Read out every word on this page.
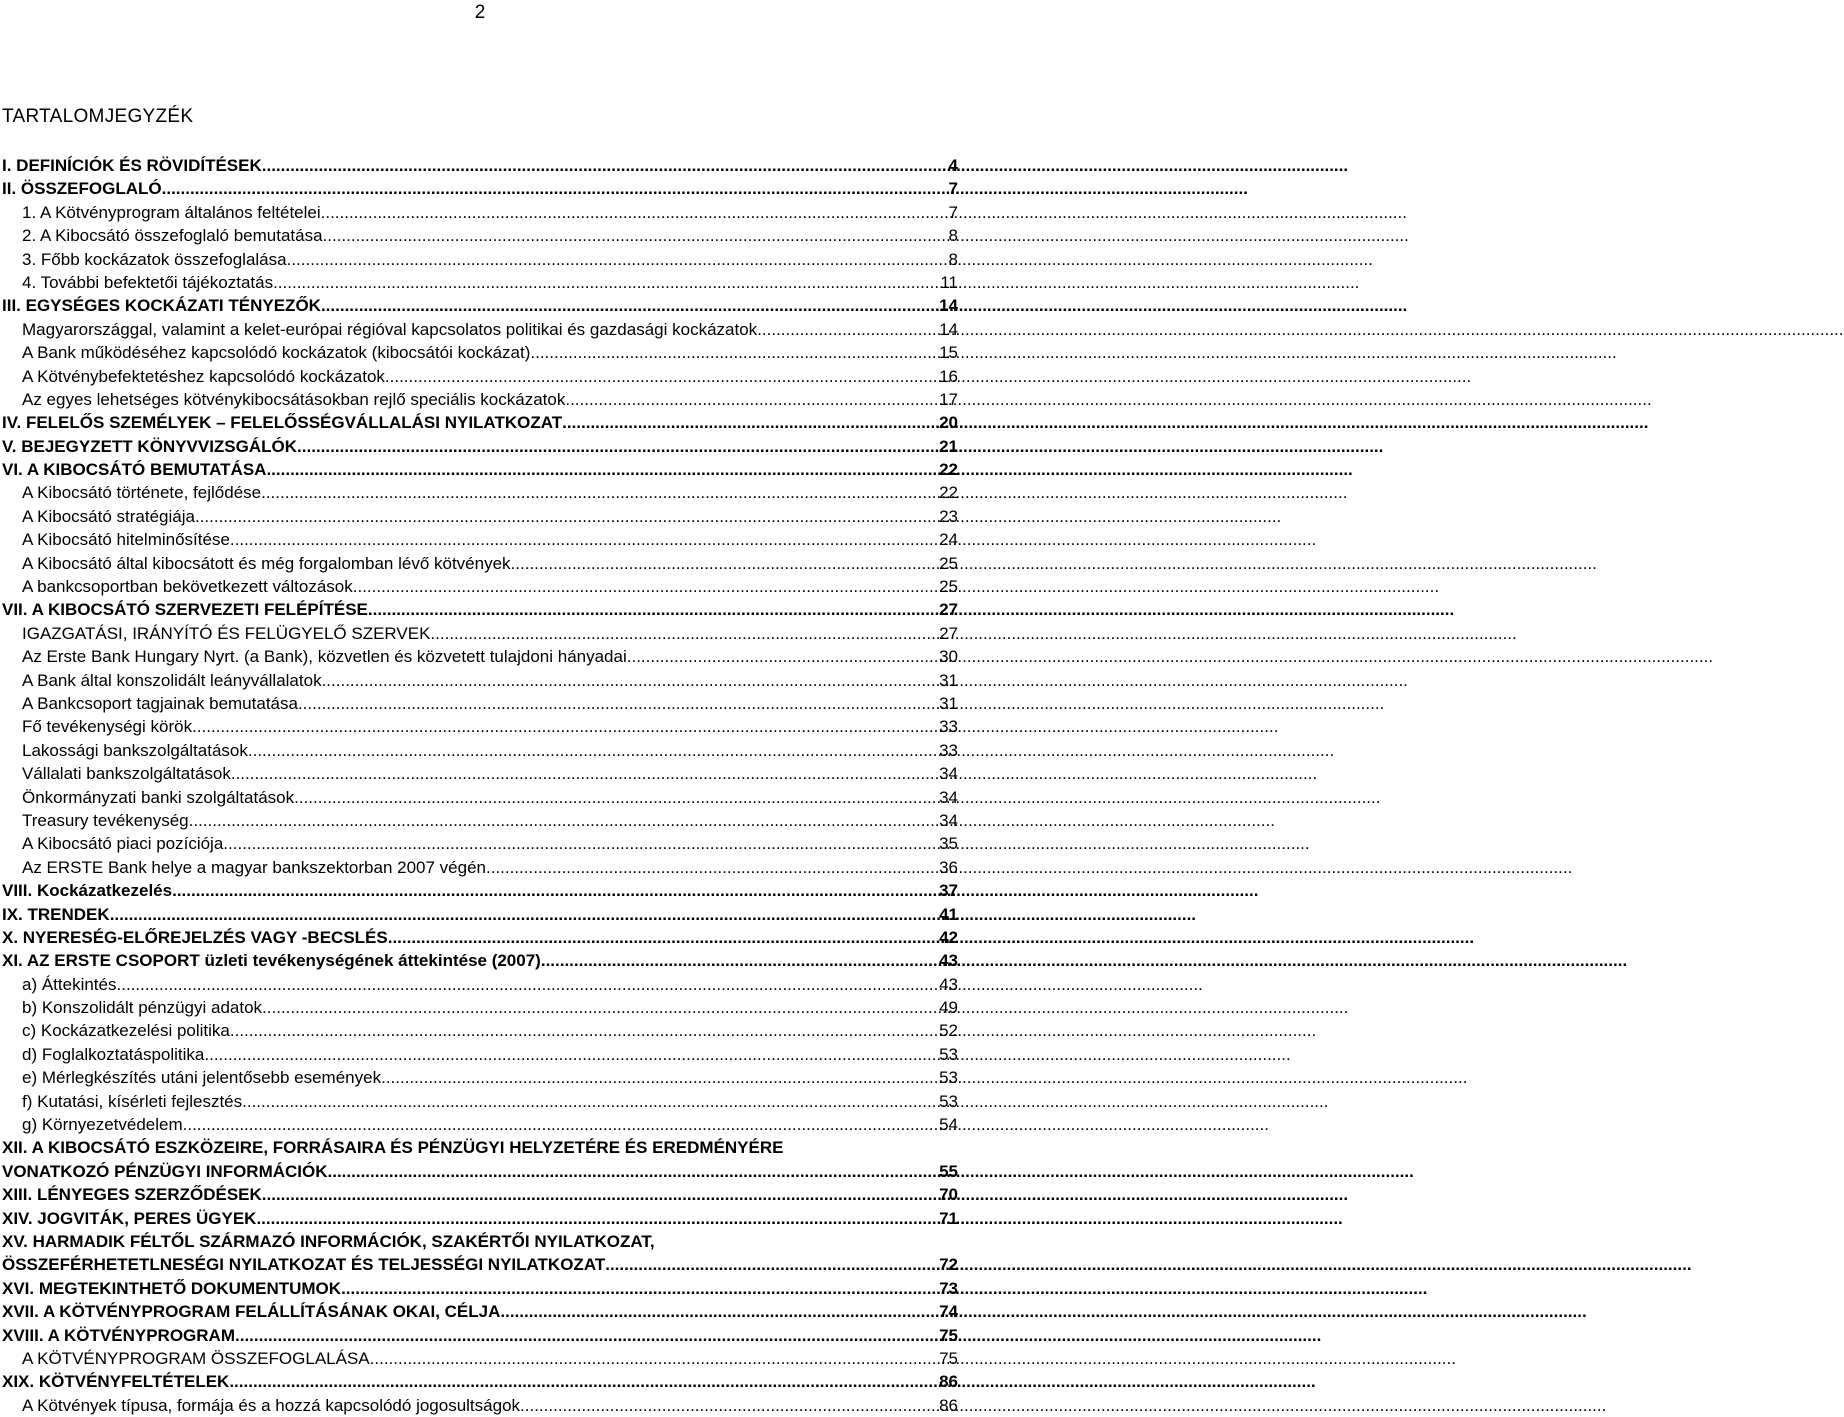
2
TARTALOMJEGYZÉK
I. DEFINÍCIÓK ÉS RÖVIDÍTÉSEK .....	4
II. ÖSSZEFOGLALÓ .....	7
1. A Kötvényprogram általános feltételei .....	7
2. A Kibocsátó összefoglaló bemutatása .....	8
3. Főbb kockázatok összefoglalása .....	8
4. További befektetői tájékoztatás .....	11
III. EGYSÉGES KOCKÁZATI TÉNYEZŐK .....	14
Magyarországgal, valamint a kelet-európai régióval kapcsolatos politikai és gazdasági kockázatok .....	14
A Bank működéséhez kapcsolódó kockázatok (kibocsátói kockázat) .....	15
A Kötvénybefektetéshez kapcsolódó kockázatok .....	16
Az egyes lehetséges kötvénykibocsátásokban rejlő speciális kockázatok .....	17
IV. FELELŐS SZEMÉLYEK – FELELŐSSÉGVÁLLALÁSI NYILATKOZAT .....	20
V. BEJEGYZETT KÖNYVVIZSGÁLÓK .....	21
VI. A KIBOCSÁTÓ BEMUTATÁSA .....	22
A Kibocsátó története, fejlődése .....	22
A Kibocsátó stratégiája .....	23
A Kibocsátó hitelminősítése .....	24
A Kibocsátó által kibocsátott és még forgalomban lévő kötvények .....	25
A bankcsoportban bekövetkezett változások .....	25
VII. A KIBOCSÁTÓ SZERVEZETI FELÉPÍTÉSE .....	27
IGAZGATÁSI, IRÁNYÍTÓ ÉS FELÜGYELŐ SZERVEK .....	27
Az Erste Bank Hungary Nyrt. (a Bank), közvetlen és közvetett tulajdoni hányadai .....	30
A Bank által konszolidált leányvállalatok .....	31
A Bankcsoport tagjainak bemutatása .....	31
Fő tevékenységi körök .....	33
Lakossági bankszolgáltatások .....	33
Vállalati bankszolgáltatások .....	34
Önkormányzati banki szolgáltatások .....	34
Treasury tevékenység .....	34
A Kibocsátó piaci pozíciója .....	35
Az ERSTE Bank helye a magyar bankszektorban 2007 végén .....	36
VIII. Kockázatkezelés .....	37
IX. TRENDEK .....	41
X. NYERESÉG-ELŐREJELZÉS VAGY -BECSLÉS .....	42
XI. AZ ERSTE CSOPORT üzleti tevékenységének áttekintése (2007) .....	43
a) Áttekintés .....	43
b) Konszolidált pénzügyi adatok .....	49
c) Kockázatkezelési politika .....	52
d) Foglalkoztatáspolitika .....	53
e) Mérlegkészítés utáni jelentősebb események .....	53
f) Kutatási, kísérleti fejlesztés .....	53
g) Környezetvédelem .....	54
XII. A KIBOCSÁTÓ ESZKÖZEIRE, FORRÁSAIRA ÉS PÉNZÜGYI HELYZETÉRE ÉS EREDMÉNYÉRE
VONATKOZÓ PÉNZÜGYI INFORMÁCIÓK .....	55
XIII. LÉNYEGES SZERZŐDÉSEK .....	70
XIV. JOGVITÁK, PERES ÜGYEK .....	71
XV. HARMADIK FÉLTŐL SZÁRMAZÓ INFORMÁCIÓK, SZAKÉRTŐI NYILATKOZAT,
ÖSSZEFÉRHETETLNESÉGI NYILATKOZAT ÉS TELJESSÉGI NYILATKOZAT .....	72
XVI. MEGTEKINTHETŐ DOKUMENTUMOK .....	73
XVII. A KÖTVÉNYPROGRAM FELÁLLÍTÁSÁNAK OKAI, CÉLJA .....	74
XVIII. A KÖTVÉNYPROGRAM .....	75
A KÖTVÉNYPROGRAM ÖSSZEFOGLALÁSA .....	75
XIX. KÖTVÉNYFELTÉTELEK .....	86
A Kötvények típusa, formája és a hozzá kapcsolódó jogosultságok .....	86
